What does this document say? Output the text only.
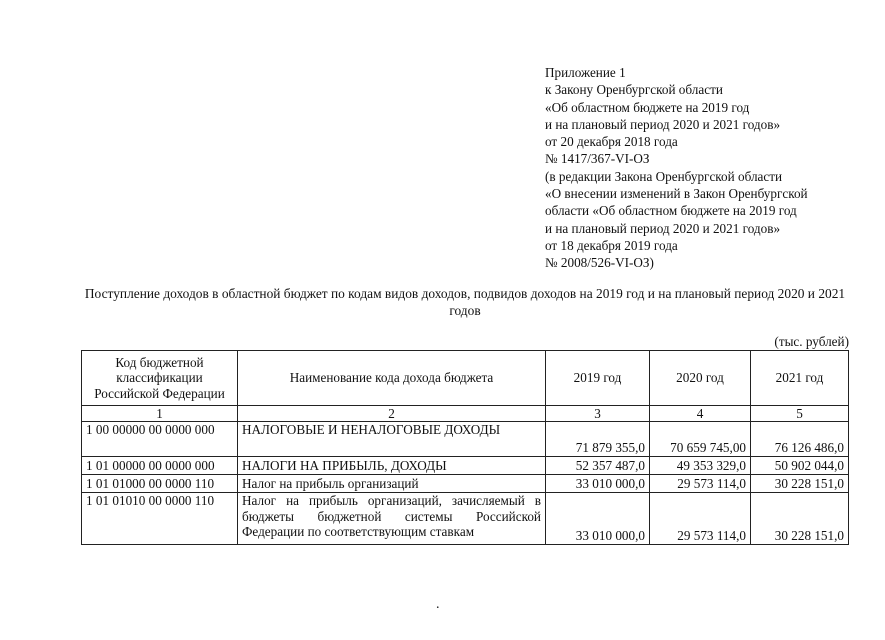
Приложение 1
к Закону Оренбургской области
«Об областном бюджете на 2019 год
и на плановый период 2020 и 2021 годов»
от 20 декабря 2018 года
№ 1417/367-VI-ОЗ
(в редакции Закона Оренбургской области
«О внесении изменений в Закон Оренбургской
области «Об областном бюджете на 2019 год
и на плановый период 2020 и 2021 годов»
от 18 декабря 2019 года
№ 2008/526-VI-ОЗ)
Поступление доходов в областной бюджет по кодам видов доходов, подвидов доходов на 2019 год и на плановый период 2020 и 2021 годов
(тыс. рублей)
Код бюджетной классификации Российской Федерации	Наименование кода дохода бюджета	2019 год	2020 год	2021 год
1	2	3	4	5
1 00 00000 00 0000 000	НАЛОГОВЫЕ И НЕНАЛОГОВЫЕ ДОХОДЫ	71 879 355,0	70 659 745,00	76 126 486,0
1 01 00000 00 0000 000	НАЛОГИ НА ПРИБЫЛЬ, ДОХОДЫ	52 357 487,0	49 353 329,0	50 902 044,0
1 01 01000 00 0000 110	Налог на прибыль организаций	33 010 000,0	29 573 114,0	30 228 151,0
1 01 01010 00 0000 110	Налог на прибыль организаций, зачисляемый в бюджеты бюджетной системы Российской Федерации по соответствующим ставкам	33 010 000,0	29 573 114,0	30 228 151,0
.
